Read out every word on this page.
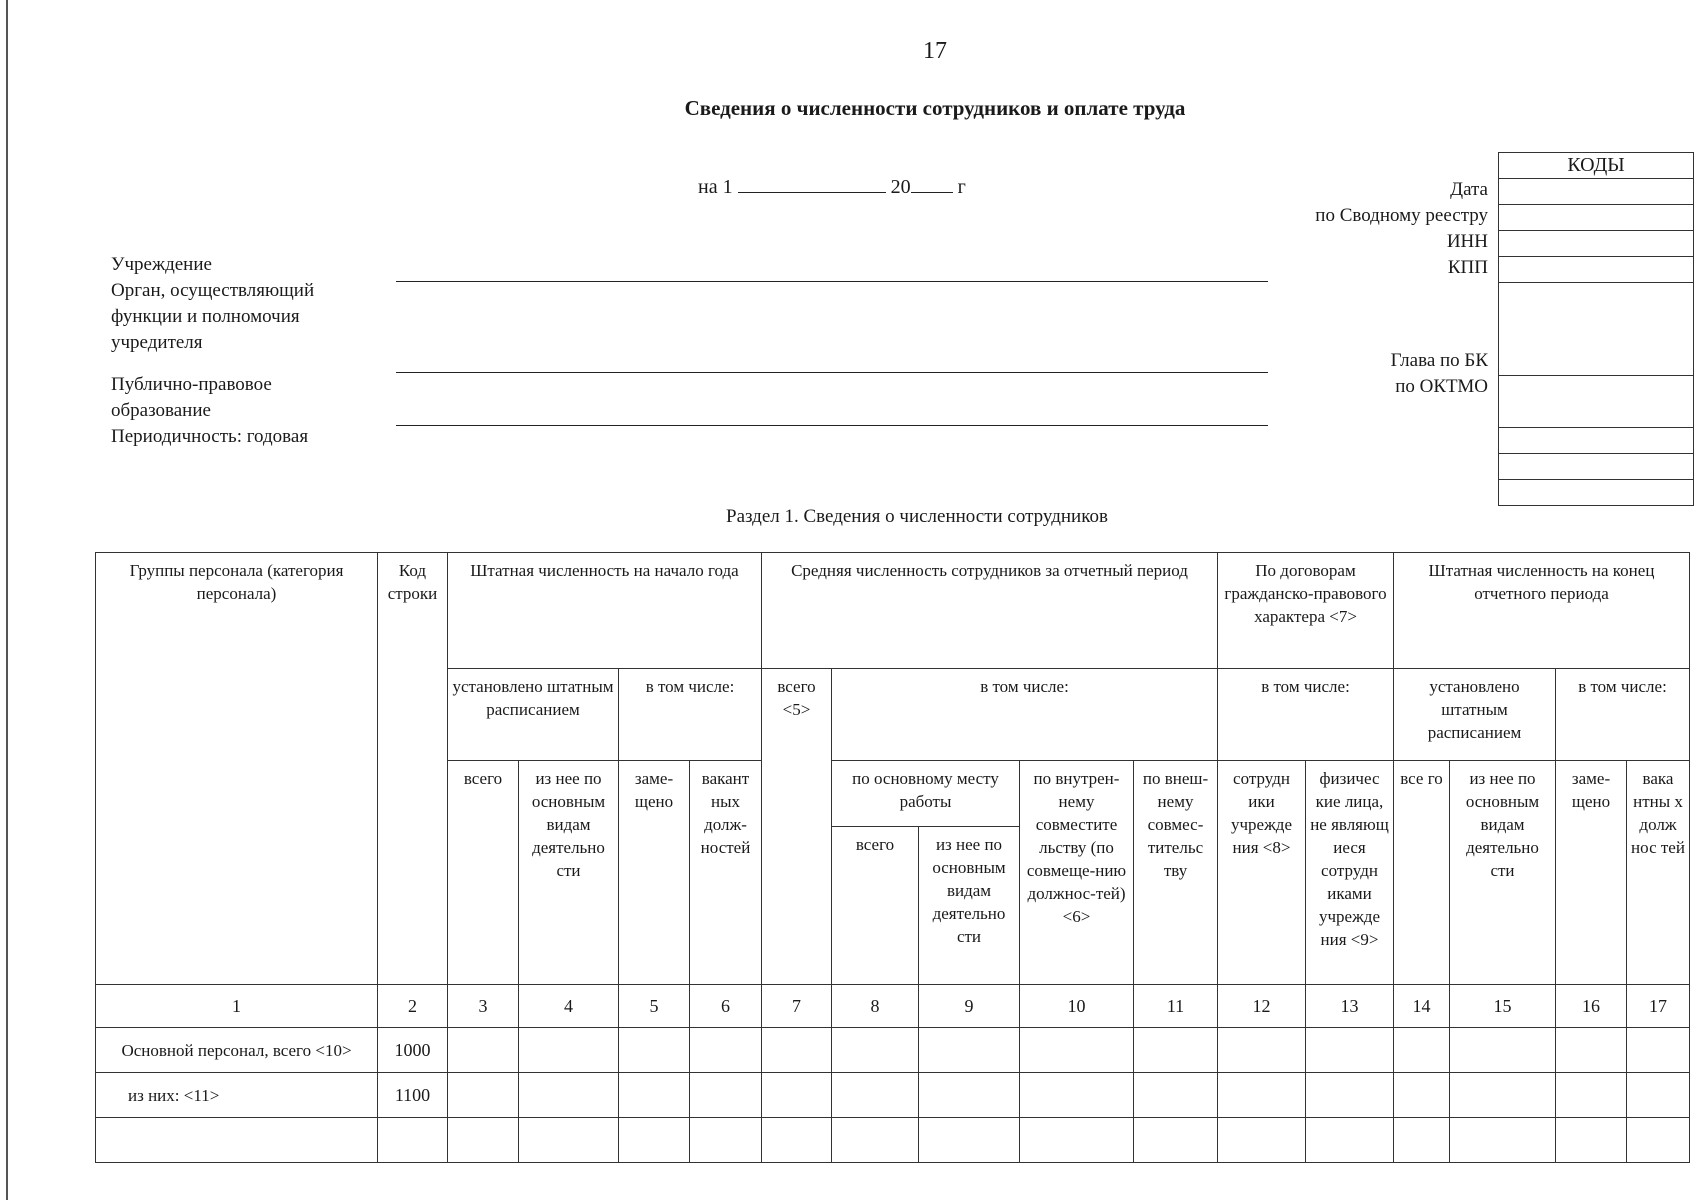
17
Сведения о численности сотрудников и оплате труда
на 1	20 г
Учреждение
Орган, осуществляющий
функции и полномочия
учредителя
Публично-правовое
образование
Периодичность: годовая
Дата
по Сводному реестру
ИНН
КПП
Глава по БК
по ОКТМО
КОДЫ
Раздел 1. Сведения о численности сотрудников
Группы персонала (категория персонала)	Код строки	Штатная численность на начало года				Средняя численность сотрудников за отчетный период					По договорам гражданско-правового характера <7>		Штатная численность на конец отчетного периода			
		установлено штатным расписанием		в том числе:		всего <5>	в том числе:				в том числе:		установлено штатным расписанием		в том числе:	
		всего	из нее по основным видам деятельно сти	заме-щено	вакант ных долж-ностей		по основному месту работы		по внутрен-нему совместите льству (по совмеще-нию должнос-тей) <6>	по внеш-нему совмес-тительс тву	сотрудн ики учрежде ния <8>	физичес кие лица, не являющ иеся сотрудн иками учрежде ния <9>	все го	из нее по основным видам деятельно сти	заме-щено	вака нтны х долж нос тей
							всего	из нее по основным видам деятельно сти								
1	2	3	4	5	6	7	8	9	10	11	12	13	14	15	16	17
Основной персонал, всего <10>	1000															
из них: <11>	1100															
